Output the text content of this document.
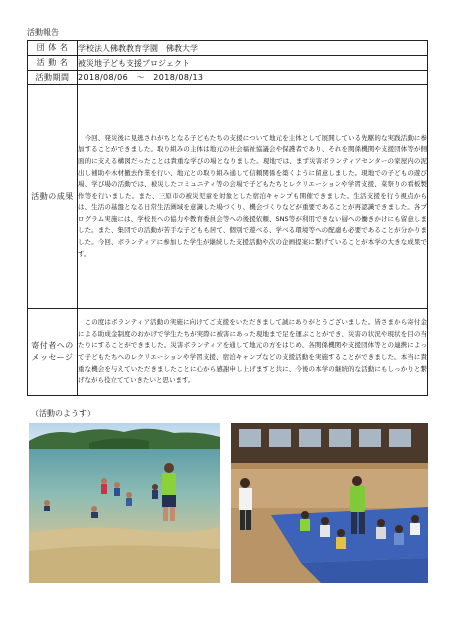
活動報告
団 体 名	学校法人佛教教育学園　佛教大学
活 動 名	被災地子ども支援プロジェクト
活動期間	2018/08/06　～　2018/08/13
活動の成果	　今回、発災後に見逃されがちとなる子どもたちの支援について地元を主体として展開している先駆的な実践活動に参加することができました。取り組みの主体は地元の社会福祉協議会や保護者であり、それを関係機関や支援団体等が側面的に支える構図だったことは貴重な学びの場となりました。現地では、まず災害ボランティアセンターの家屋内の泥出し補助や木材撤去作業を行い、地元との取り組み通して信頼関係を築くように留意しました。現地での子どもの遊び場、学び場の活動では、被災したコミュニティ等の会場で子どもたちとレクリエーションや学習支援、菜祭りの看板製作等を行いました。また、三原市の被災児童を対象とした宿泊キャンプも開催できました。生活支援を行う視点からは、生活の基盤となる日常生活圏域を意識した場づくり、機会づくりなどが重要であることが再認識できました。各プログラム実施には、学校長への協力や教育委員会等への後援依頼、SNS等が利用できない層への働きかけにも留意しました。また、集団での活動が苦手な子どもも居て、個別で遊べる、学べる環境等への配慮も必要であることが分かりました。今回、ボランティアに参加した学生が継続した支援活動や次の企画提案に繋げていることが本学の大きな成果です。
寄付者への
メッセージ	　この度はボランティア活動の実施に向けてご支援をいただきまして誠にありがとうございました。皆さまから寄付金による助成金制度のおかげで学生たちが実際に被害にあった現地まで足を運ぶことができ、災害の状況や現状を目の当たりにすることができました。災害ボランティアを通して地元の方をはじめ、各関係機関や支援団体等との連携によって子どもたちへのレクリエーションや学習支援、宿泊キャンプなどの支援活動を実施することができました。本当に貴重な機会を与えていただきましたことに心から感謝申し上げますと共に、今後の本学の継続的な活動にもしっかりと繋げながら役立てていきたいと思います。
（活動のようす）
